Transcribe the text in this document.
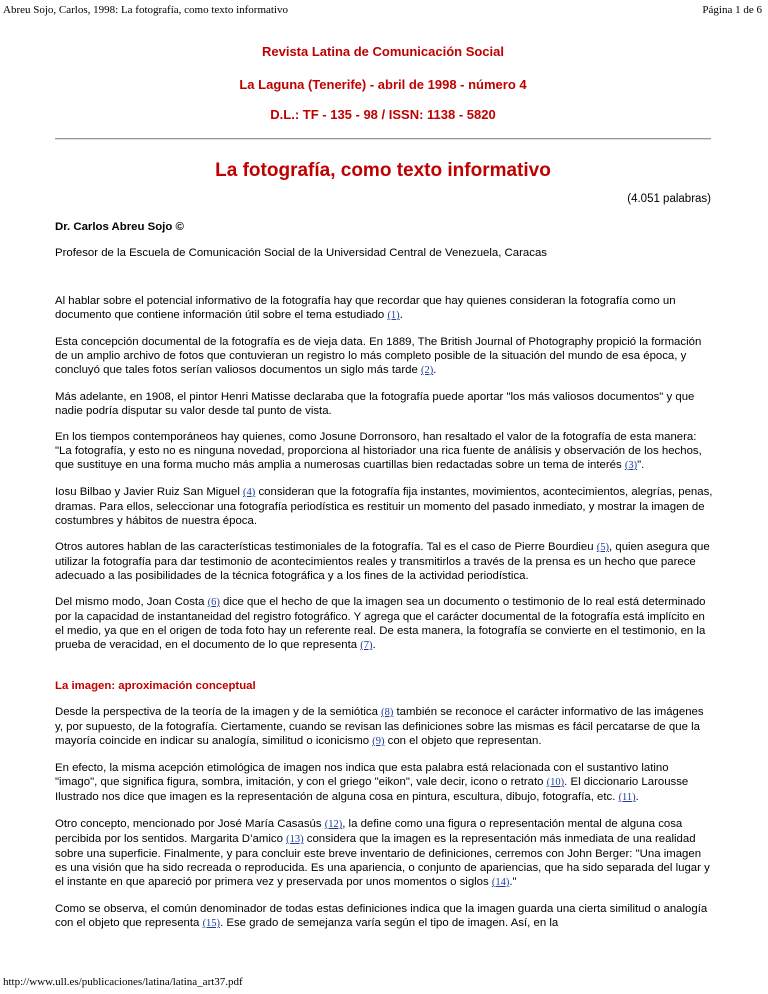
Abreu Sojo, Carlos, 1998: La fotografía, como texto informativo	Página 1 de 6
Revista Latina de Comunicación Social
La Laguna (Tenerife) - abril de 1998 - número 4
D.L.: TF - 135 - 98 / ISSN: 1138 - 5820
La fotografía, como texto informativo
(4.051 palabras)

Dr. Carlos Abreu Sojo ©

Profesor de la Escuela de Comunicación Social de la Universidad Central de Venezuela, Caracas

Al hablar sobre el potencial informativo de la fotografía hay que recordar que hay quienes consideran la fotografía como un documento que contiene información útil sobre el tema estudiado (1).

Esta concepción documental de la fotografía es de vieja data. En 1889, The British Journal of Photography propició la formación de un amplio archivo de fotos que contuvieran un registro lo más completo posible de la situación del mundo de esa época, y concluyó que tales fotos serían valiosos documentos un siglo más tarde (2).

Más adelante, en 1908, el pintor Henri Matisse declaraba que la fotografía puede aportar "los más valiosos documentos" y que nadie podría disputar su valor desde tal punto de vista.

En los tiempos contemporáneos hay quienes, como Josune Dorronsoro, han resaltado el valor de la fotografía de esta manera: "La fotografía, y esto no es ninguna novedad, proporciona al historiador una rica fuente de análisis y observación de los hechos, que sustituye en una forma mucho más amplia a numerosas cuartillas bien redactadas sobre un tema de interés (3)".

Iosu Bilbao y Javier Ruiz San Miguel (4) consideran que la fotografía fija instantes, movimientos, acontecimientos, alegrías, penas, dramas. Para ellos, seleccionar una fotografía periodística es restituir un momento del pasado inmediato, y mostrar la imagen de costumbres y hábitos de nuestra época.

Otros autores hablan de las características testimoniales de la fotografía. Tal es el caso de Pierre Bourdieu (5), quien asegura que utilizar la fotografía para dar testimonio de acontecimientos reales y transmitirlos a través de la prensa es un hecho que parece adecuado a las posibilidades de la técnica fotográfica y a los fines de la actividad periodística.

Del mismo modo, Joan Costa (6) dice que el hecho de que la imagen sea un documento o testimonio de lo real está determinado por la capacidad de instantaneidad del registro fotográfico. Y agrega que el carácter documental de la fotografía está implícito en el medio, ya que en el origen de toda foto hay un referente real. De esta manera, la fotografía se convierte en el testimonio, en la prueba de veracidad, en el documento de lo que representa (7).

La imagen: aproximación conceptual

Desde la perspectiva de la teoría de la imagen y de la semiótica (8) también se reconoce el carácter informativo de las imágenes y, por supuesto, de la fotografía. Ciertamente, cuando se revisan las definiciones sobre las mismas es fácil percatarse de que la mayoría coincide en indicar su analogía, similitud o iconicismo (9) con el objeto que representan.

En efecto, la misma acepción etimológica de imagen nos indica que esta palabra está relacionada con el sustantivo latino "imago", que significa figura, sombra, imitación, y con el griego "eikon", vale decir, icono o retrato (10). El diccionario Larousse Ilustrado nos dice que imagen es la representación de alguna cosa en pintura, escultura, dibujo, fotografía, etc. (11).

Otro concepto, mencionado por José María Casasús (12), la define como una figura o representación mental de alguna cosa percibida por los sentidos. Margarita D’amico (13) considera que la imagen es la representación más inmediata de una realidad sobre una superficie. Finalmente, y para concluir este breve inventario de definiciones, cerremos con John Berger: "Una imagen es una visión que ha sido recreada o reproducida. Es una apariencia, o conjunto de apariencias, que ha sido separada del lugar y el instante en que apareció por primera vez y preservada por unos momentos o siglos (14)."

Como se observa, el común denominador de todas estas definiciones indica que la imagen guarda una cierta similitud o analogía con el objeto que representa (15). Ese grado de semejanza varía según el tipo de imagen. Así, en la

http://www.ull.es/publicaciones/latina/latina_art37.pdf
